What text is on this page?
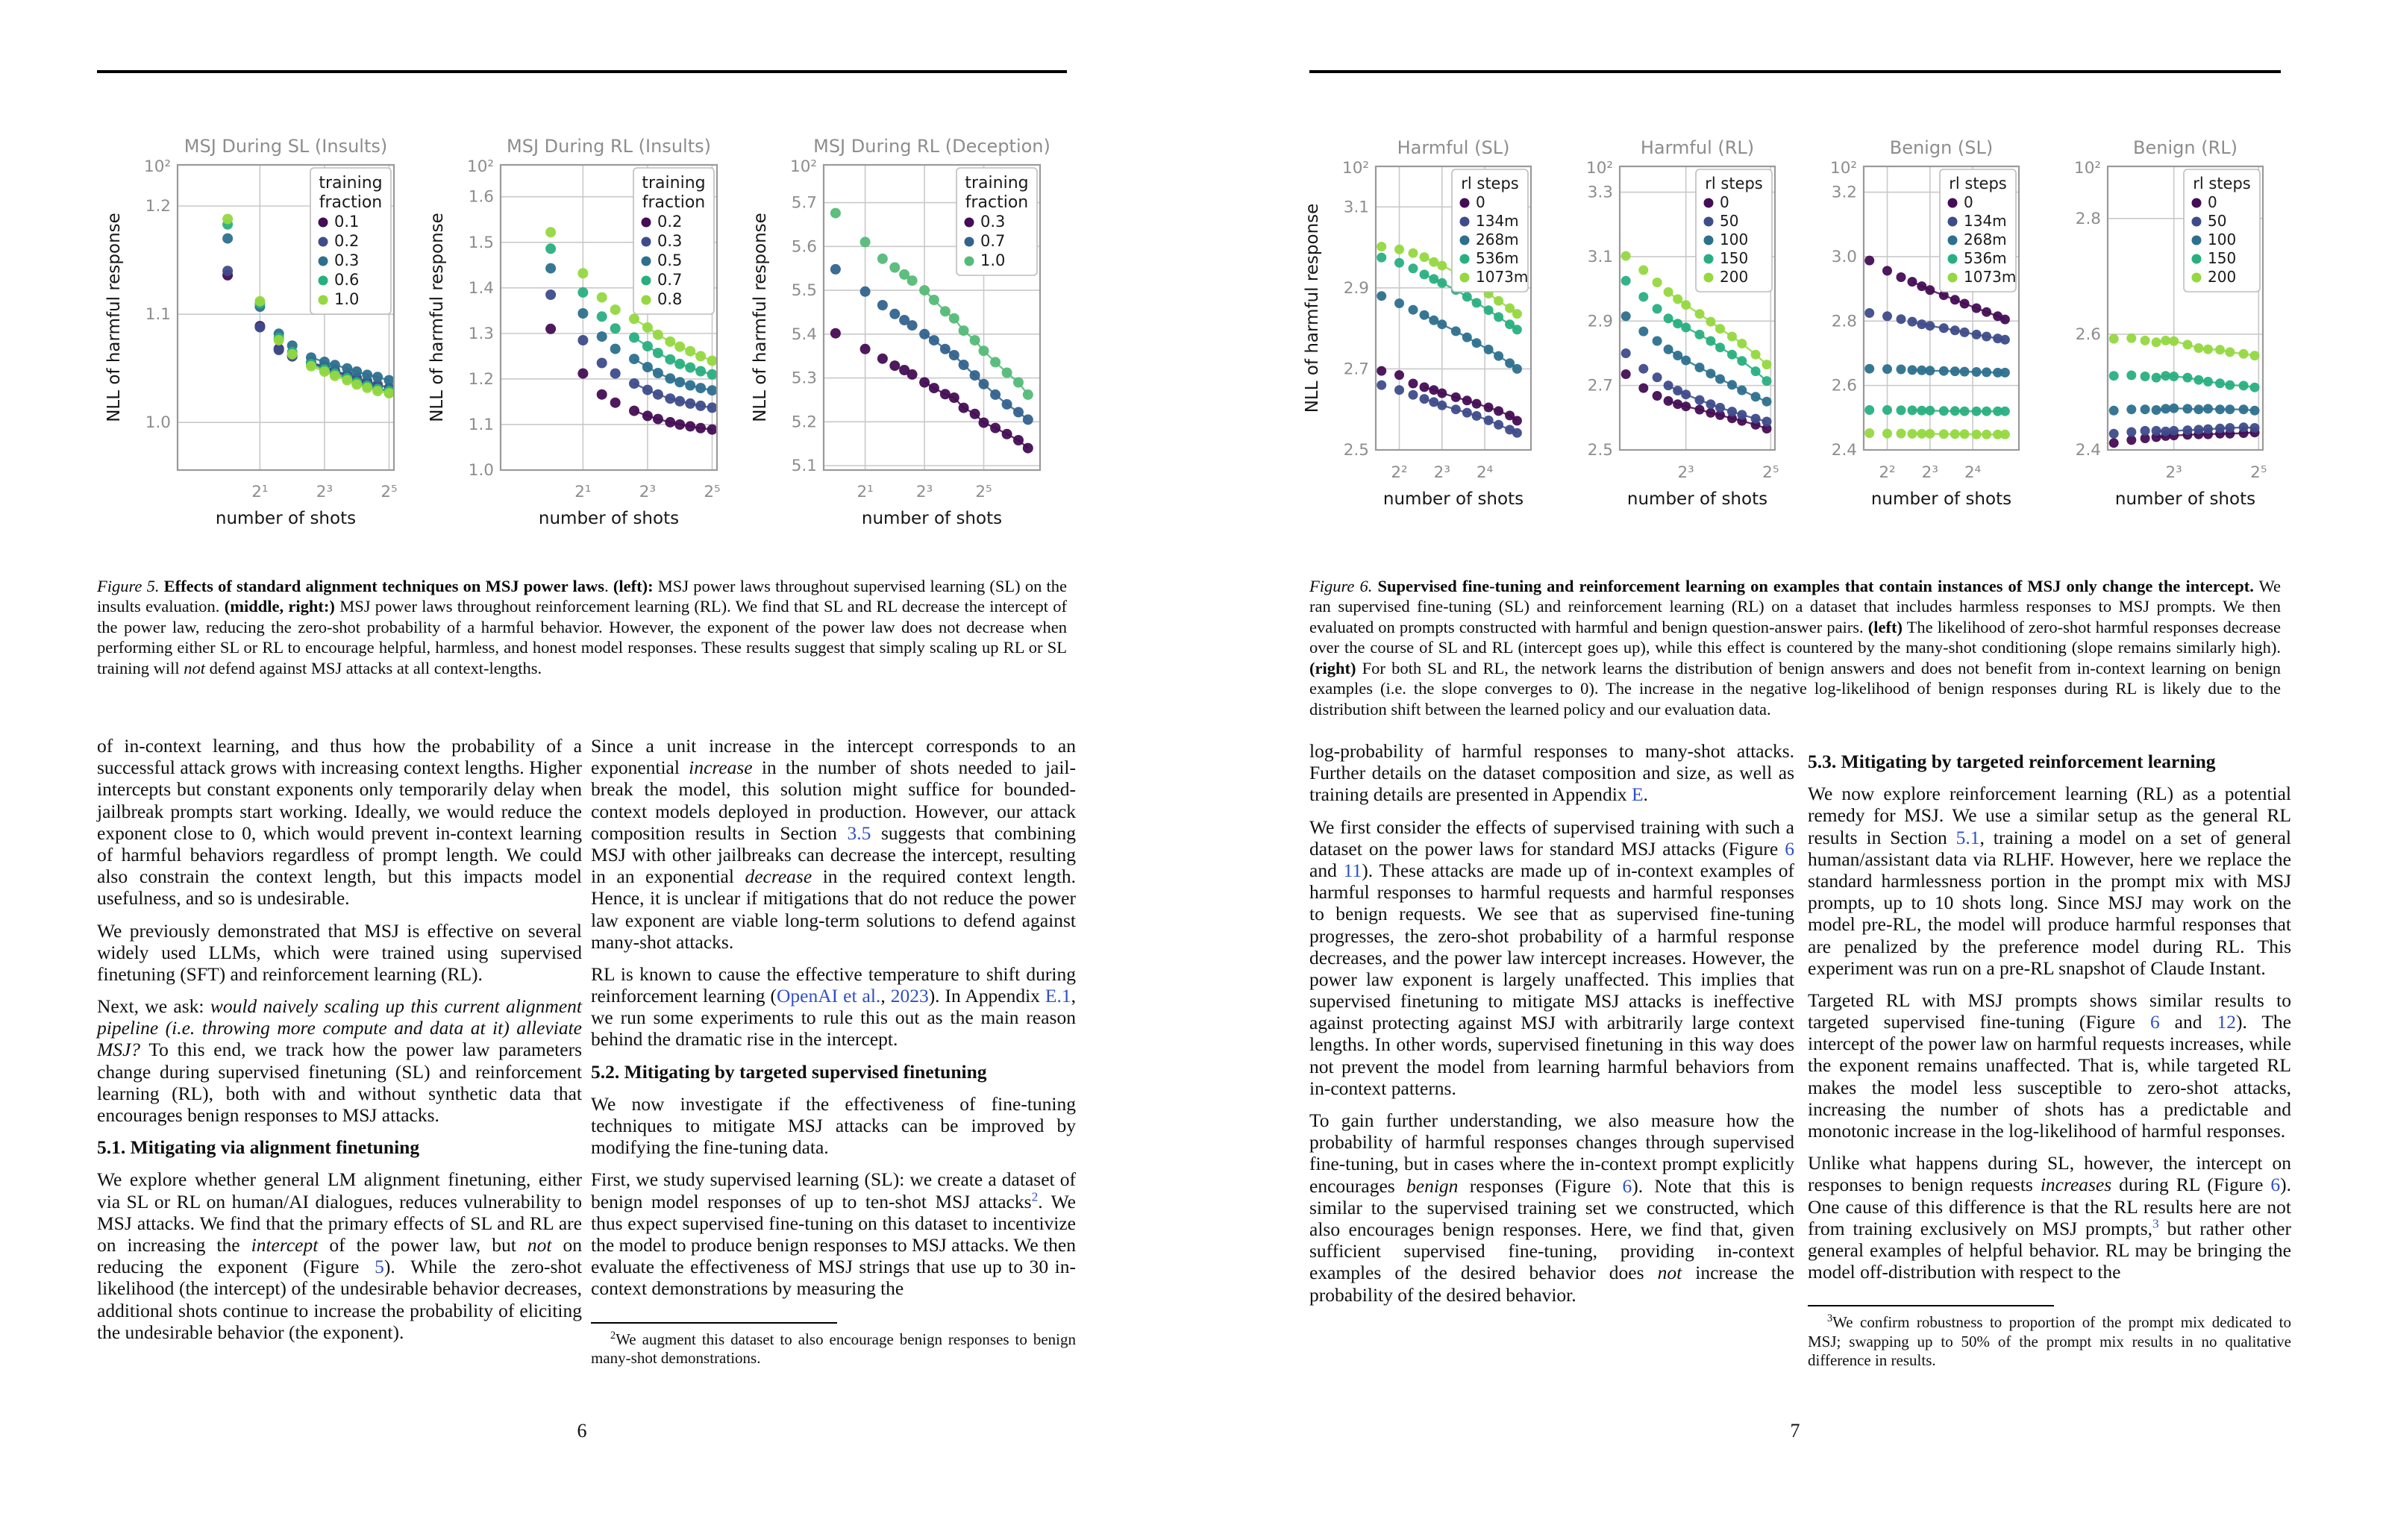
MSJ During SL (Insults)
10²
1.0
1.1
1.2
2¹	2³	2⁵
number of shots
NLL of harmful response
training
fraction
0.1
0.2
0.3
0.6
1.0
MSJ During RL (Insults)
10²
1.0
1.1
1.2
1.3
1.4
1.5
1.6
2¹	2³	2⁵
number of shots
NLL of harmful response
training
fraction
0.2
0.3
0.5
0.7
0.8
MSJ During RL (Deception)
10²
5.1
5.2
5.3
5.4
5.5
5.6
5.7
2¹	2³	2⁵
number of shots
NLL of harmful response
training
fraction
0.3
0.7
1.0
Figure 5. Effects of standard alignment techniques on MSJ power laws. (left): MSJ power laws throughout supervised learning (SL) on the insults evaluation. (middle, right:) MSJ power laws throughout reinforcement learning (RL). We find that SL and RL decrease the intercept of the power law, reducing the zero-shot probability of a harmful behavior. However, the exponent of the power law does not decrease when performing either SL or RL to encourage helpful, harmless, and honest model responses. These results suggest that simply scaling up RL or SL training will not defend against MSJ attacks at all context-lengths.

of in-context learning, and thus how the probability of a successful attack grows with increasing context lengths. Higher intercepts but constant exponents only temporarily delay when jailbreak prompts start working. Ideally, we would reduce the exponent close to 0, which would prevent in-context learning of harmful behaviors regardless of prompt length. We could also constrain the context length, but this impacts model usefulness, and so is undesirable.

We previously demonstrated that MSJ is effective on several widely used LLMs, which were trained using supervised finetuning (SFT) and reinforcement learning (RL).

Next, we ask: would naively scaling up this current alignment pipeline (i.e. throwing more compute and data at it) alleviate MSJ? To this end, we track how the power law parameters change during supervised finetuning (SL) and reinforcement learning (RL), both with and without synthetic data that encourages benign responses to MSJ attacks.

5.1. Mitigating via alignment finetuning

We explore whether general LM alignment finetuning, either via SL or RL on human/AI dialogues, reduces vulnerability to MSJ attacks. We find that the primary effects of SL and RL are on increasing the intercept of the power law, but not on reducing the exponent (Figure 5). While the zero-shot likelihood (the intercept) of the undesirable behavior decreases, additional shots continue to increase the probability of eliciting the undesirable behavior (the exponent).

Since a unit increase in the intercept corresponds to an exponential increase in the number of shots needed to jail-break the model, this solution might suffice for bounded-context models deployed in production. However, our attack composition results in Section 3.5 suggests that combining MSJ with other jailbreaks can decrease the intercept, resulting in an exponential decrease in the required context length. Hence, it is unclear if mitigations that do not reduce the power law exponent are viable long-term solutions to defend against many-shot attacks.

RL is known to cause the effective temperature to shift during reinforcement learning (OpenAI et al., 2023). In Appendix E.1, we run some experiments to rule this out as the main reason behind the dramatic rise in the intercept.

5.2. Mitigating by targeted supervised finetuning

We now investigate if the effectiveness of fine-tuning techniques to mitigate MSJ attacks can be improved by modifying the fine-tuning data.

First, we study supervised learning (SL): we create a dataset of benign model responses of up to ten-shot MSJ attacks$^2$. We thus expect supervised fine-tuning on this dataset to incentivize the model to produce benign responses to MSJ attacks. We then evaluate the effectiveness of MSJ strings that use up to 30 in-context demonstrations by measuring the

$^2$We augment this dataset to also encourage benign responses to benign many-shot demonstrations.
6
Harmful (SL)
10²
2.5
2.7
2.9
3.1
2² 2³ 2⁴
number of shots
NLL of harmful response
rl steps
0
134m
268m
536m
1073m
Harmful (RL)
10²
2.5
2.7
2.9
3.1
3.3
2³	2⁵
number of shots
rl steps
0
50
100
150
200
Benign (SL)
10²
2.4
2.6
2.8
3.0
3.2
2² 2³ 2⁴
number of shots
rl steps
0
134m
268m
536m
1073m
Benign (RL)
10²
2.4
2.6
2.8
2³	2⁵
number of shots
rl steps
0
50
100
150
200
Figure 6. Supervised fine-tuning and reinforcement learning on examples that contain instances of MSJ only change the intercept. We ran supervised fine-tuning (SL) and reinforcement learning (RL) on a dataset that includes harmless responses to MSJ prompts. We then evaluated on prompts constructed with harmful and benign question-answer pairs. (left) The likelihood of zero-shot harmful responses decrease over the course of SL and RL (intercept goes up), while this effect is countered by the many-shot conditioning (slope remains similarly high). (right) For both SL and RL, the network learns the distribution of benign answers and does not benefit from in-context learning on benign examples (i.e. the slope converges to 0). The increase in the negative log-likelihood of benign responses during RL is likely due to the distribution shift between the learned policy and our evaluation data.

log-probability of harmful responses to many-shot attacks. Further details on the dataset composition and size, as well as training details are presented in Appendix E.

We first consider the effects of supervised training with such a dataset on the power laws for standard MSJ attacks (Figure 6 and 11). These attacks are made up of in-context examples of harmful responses to harmful requests and harmful responses to benign requests. We see that as supervised fine-tuning progresses, the zero-shot probability of a harmful response decreases, and the power law intercept increases. However, the power law exponent is largely unaffected. This implies that supervised finetuning to mitigate MSJ attacks is ineffective against protecting against MSJ with arbitrarily large context lengths. In other words, supervised finetuning in this way does not prevent the model from learning harmful behaviors from in-context patterns.

To gain further understanding, we also measure how the probability of harmful responses changes through supervised fine-tuning, but in cases where the in-context prompt explicitly encourages benign responses (Figure 6). Note that this is similar to the supervised training set we constructed, which also encourages benign responses. Here, we find that, given sufficient supervised fine-tuning, providing in-context examples of the desired behavior does not increase the probability of the desired behavior.

5.3. Mitigating by targeted reinforcement learning

We now explore reinforcement learning (RL) as a potential remedy for MSJ. We use a similar setup as the general RL results in Section 5.1, training a model on a set of general human/assistant data via RLHF. However, here we replace the standard harmlessness portion in the prompt mix with MSJ prompts, up to 10 shots long. Since MSJ may work on the model pre-RL, the model will produce harmful responses that are penalized by the preference model during RL. This experiment was run on a pre-RL snapshot of Claude Instant.

Targeted RL with MSJ prompts shows similar results to targeted supervised fine-tuning (Figure 6 and 12). The intercept of the power law on harmful requests increases, while the exponent remains unaffected. That is, while targeted RL makes the model less susceptible to zero-shot attacks, increasing the number of shots has a predictable and monotonic increase in the log-likelihood of harmful responses.

Unlike what happens during SL, however, the intercept on responses to benign requests increases during RL (Figure 6). One cause of this difference is that the RL results here are not from training exclusively on MSJ prompts,$^3$ but rather other general examples of helpful behavior. RL may be bringing the model off-distribution with respect to the

$^3$We confirm robustness to proportion of the prompt mix dedicated to MSJ; swapping up to 50% of the prompt mix results in no qualitative difference in results.
7
